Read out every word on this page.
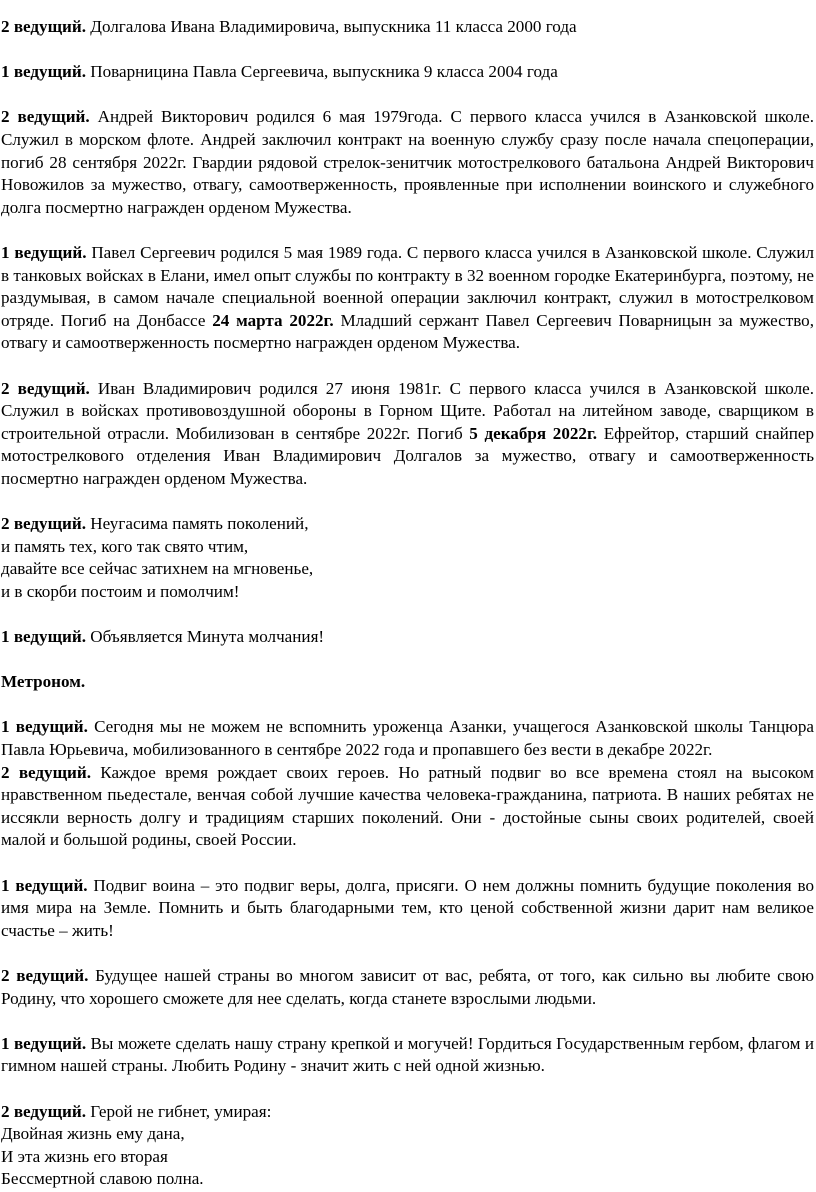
2 ведущий. Долгалова Ивана Владимировича, выпускника 11 класса 2000 года

1 ведущий. Поварницина Павла Сергеевича, выпускника 9 класса 2004 года

2 ведущий. Андрей Викторович родился 6 мая 1979года. С первого класса учился в Азанковской школе. Служил в морском флоте. Андрей заключил контракт на военную службу сразу после начала спецоперации, погиб 28 сентября 2022г. Гвардии рядовой стрелок-зенитчик мотострелкового батальона Андрей Викторович Новожилов за мужество, отвагу, самоотверженность, проявленные при исполнении воинского и служебного долга посмертно награжден орденом Мужества.

1 ведущий. Павел Сергеевич родился 5 мая 1989 года. С первого класса учился в Азанковской школе. Служил в танковых войсках в Елани, имел опыт службы по контракту в 32 военном городке Екатеринбурга, поэтому, не раздумывая, в самом начале специальной военной операции заключил контракт, служил в мотострелковом отряде. Погиб на Донбассе 24 марта 2022г. Младший сержант Павел Сергеевич Поварницын за мужество, отвагу и самоотверженность посмертно награжден орденом Мужества.

2 ведущий. Иван Владимирович родился 27 июня 1981г. С первого класса учился в Азанковской школе. Служил в войсках противовоздушной обороны в Горном Щите. Работал на литейном заводе, сварщиком в строительной отрасли. Мобилизован в сентябре 2022г. Погиб 5 декабря 2022г. Ефрейтор, старший снайпер мотострелкового отделения Иван Владимирович Долгалов за мужество, отвагу и самоотверженность посмертно награжден орденом Мужества.

2 ведущий. Неугасима память поколений,
и память тех, кого так свято чтим,
давайте все сейчас затихнем на мгновенье,
и в скорби постоим и помолчим!

1 ведущий. Объявляется Минута молчания!

Метроном.

1 ведущий. Сегодня мы не можем не вспомнить уроженца Азанки, учащегося Азанковской школы Танцюра Павла Юрьевича, мобилизованного в сентябре 2022 года и пропавшего без вести в декабре 2022г.

2 ведущий. Каждое время рождает своих героев. Но ратный подвиг во все времена стоял на высоком нравственном пьедестале, венчая собой лучшие качества человека-гражданина, патриота. В наших ребятах не иссякли верность долгу и традициям старших поколений. Они - достойные сыны своих родителей, своей малой и большой родины, своей России.

1 ведущий. Подвиг воина – это подвиг веры, долга, присяги. О нем должны помнить будущие поколения во имя мира на Земле. Помнить и быть благодарными тем, кто ценой собственной жизни дарит нам великое счастье – жить!

2 ведущий. Будущее нашей страны во многом зависит от вас, ребята, от того, как сильно вы любите свою Родину, что хорошего сможете для нее сделать, когда станете взрослыми людьми.

1 ведущий. Вы можете сделать нашу страну крепкой и могучей! Гордиться Государственным гербом, флагом и гимном нашей страны. Любить Родину - значит жить с ней одной жизнью.

2 ведущий. Герой не гибнет, умирая:
Двойная жизнь ему дана,
И эта жизнь его вторая
Бессмертной славою полна.
